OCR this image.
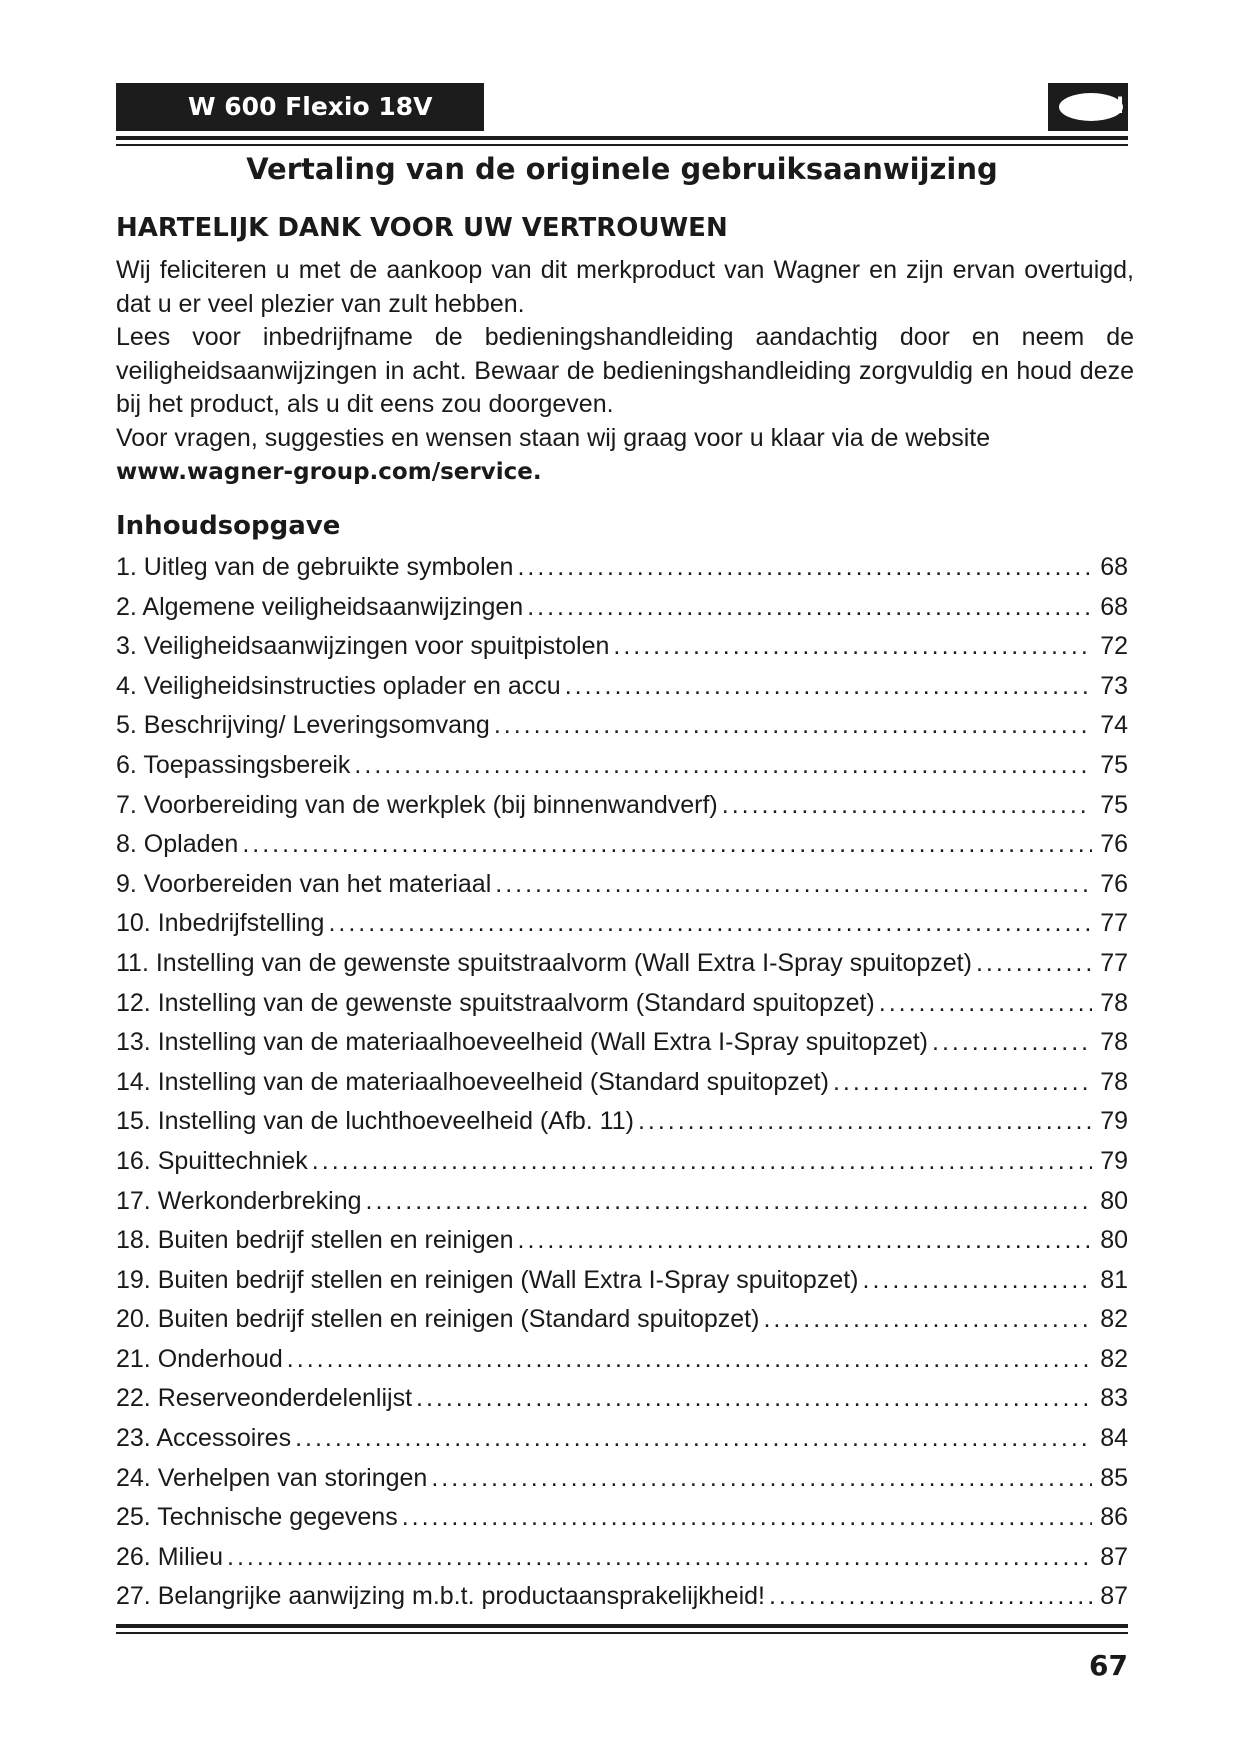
W 600 Flexio 18V	N
Vertaling van de originele gebruiksaanwijzing
HARTELIJK DANK VOOR UW VERTROUWEN

Wij feliciteren u met de aankoop van dit merkproduct van Wagner en zijn ervan overtuigd, dat u er veel plezier van zult hebben.

Lees voor inbedrijfname de bedieningshandleiding aandachtig door en neem de veiligheidsaanwijzingen in acht. Bewaar de bedieningshandleiding zorgvuldig en houd deze bij het product, als u dit eens zou doorgeven.

Voor vragen, suggesties en wensen staan wij graag voor u klaar via de website
www.wagner-group.com/service.

Inhoudsopgave
1. Uitleg van de gebruikte symbolen .....	68
2. Algemene veiligheidsaanwijzingen .....	68
3. Veiligheidsaanwijzingen voor spuitpistolen .....	72
4. Veiligheidsinstructies oplader en accu .....	73
5. Beschrijving/ Leveringsomvang .....	74
6. Toepassingsbereik .....	75
7. Voorbereiding van de werkplek (bij binnenwandverf) .....	75
8. Opladen .....	76
9. Voorbereiden van het materiaal .....	76
10. Inbedrijfstelling .....	77
11. Instelling van de gewenste spuitstraalvorm (Wall Extra I-Spray spuitopzet) .....	77
12. Instelling van de gewenste spuitstraalvorm (Standard spuitopzet) .....	78
13. Instelling van de materiaalhoeveelheid (Wall Extra I-Spray spuitopzet) .....	78
14. Instelling van de materiaalhoeveelheid (Standard spuitopzet) .....	78
15. Instelling van de luchthoeveelheid (Afb. 11) .....	79
16. Spuittechniek .....	79
17. Werkonderbreking .....	80
18. Buiten bedrijf stellen en reinigen .....	80
19. Buiten bedrijf stellen en reinigen (Wall Extra I-Spray spuitopzet) .....	81
20. Buiten bedrijf stellen en reinigen (Standard spuitopzet) .....	82
21. Onderhoud .....	82
22. Reserveonderdelenlijst .....	83
23. Accessoires .....	84
24. Verhelpen van storingen .....	85
25. Technische gegevens .....	86
26. Milieu .....	87
27. Belangrijke aanwijzing m.b.t. productaansprakelijkheid! .....	87
67
